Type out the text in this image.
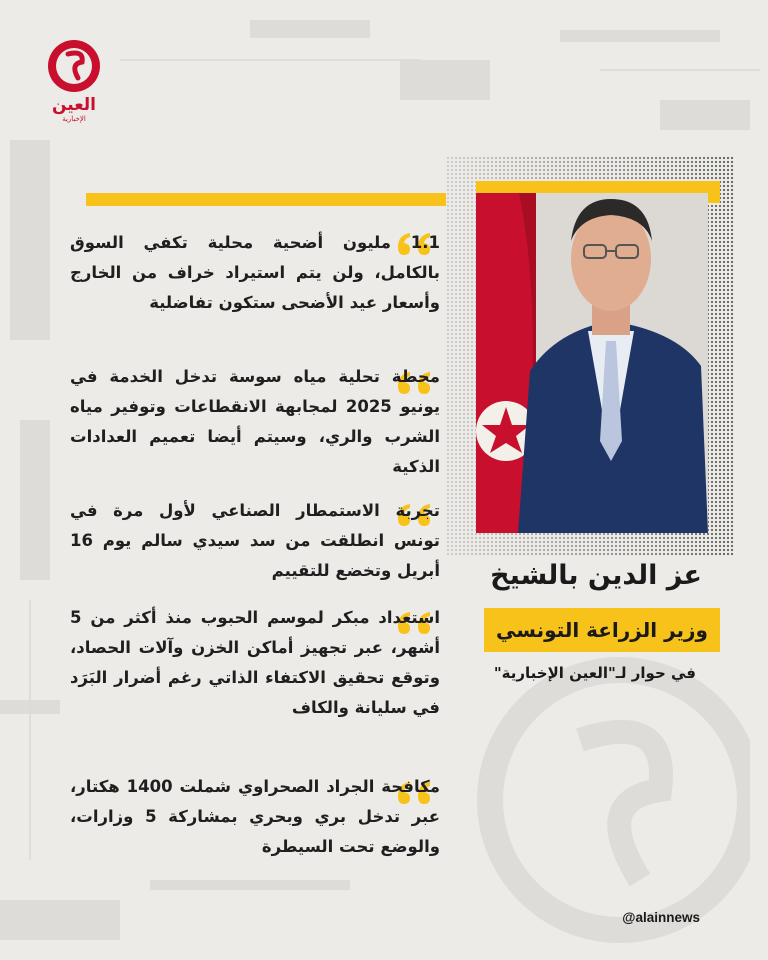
العين
الإخبارية
1.1 مليون أضحية محلية تكفي السوق بالكامل، ولن يتم استيراد خراف من الخارج وأسعار عيد الأضحى ستكون تفاضلية
محطة تحلية مياه سوسة تدخل الخدمة في يونيو 2025 لمجابهة الانقطاعات وتوفير مياه الشرب والري، وسيتم أيضا تعميم العدادات الذكية
تجربة الاستمطار الصناعي لأول مرة في تونس انطلقت من سد سيدي سالم يوم 16 أبريل وتخضع للتقييم
استعداد مبكر لموسم الحبوب منذ أكثر من 5 أشهر، عبر تجهيز أماكن الخزن وآلات الحصاد، وتوقع تحقيق الاكتفاء الذاتي رغم أضرار البَرَد في سليانة والكاف
مكافحة الجراد الصحراوي شملت 1400 هكتار، عبر تدخل بري وبحري بمشاركة 5 وزارات، والوضع تحت السيطرة
عز الدين بالشيخ
وزير الزراعة التونسي
في حوار لـ"العين الإخبارية"
@alainnews
